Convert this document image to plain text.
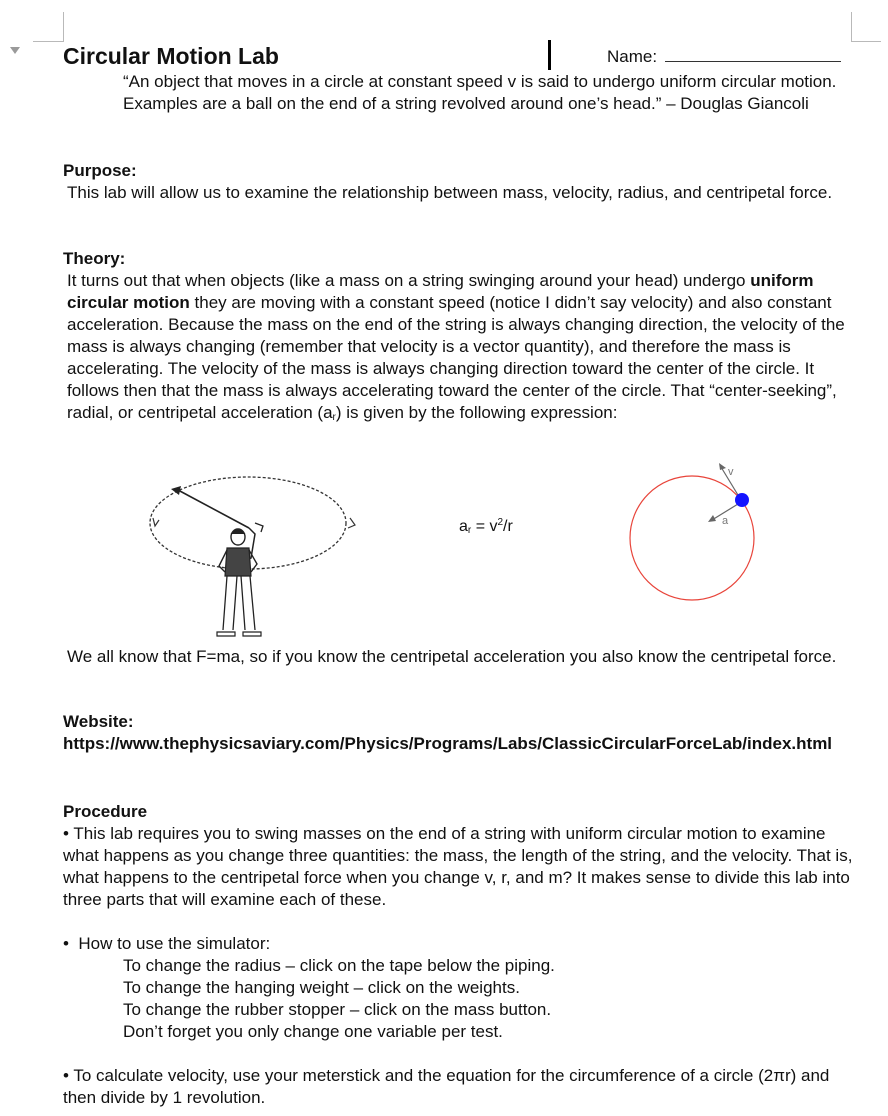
Circular Motion Lab	Name:
“An object that moves in a circle at constant speed v is said to undergo uniform circular motion. Examples are a ball on the end of a string revolved around one’s head.” – Douglas Giancoli

Purpose:

This lab will allow us to examine the relationship between mass, velocity, radius, and centripetal force.

Theory:

It turns out that when objects (like a mass on a string swinging around your head) undergo uniform circular motion they are moving with a constant speed (notice I didn’t say velocity) and also constant acceleration. Because the mass on the end of the string is always changing direction, the velocity of the mass is always changing (remember that velocity is a vector quantity), and therefore the mass is accelerating. The velocity of the mass is always changing direction toward the center of the circle. It follows then that the mass is always accelerating toward the center of the circle. That “center-seeking”, radial, or centripetal acceleration $(a_r)$ is given by the following expression:

$a_r = v^2/r$
v
a

We all know that F=ma, so if you know the centripetal acceleration you also know the centripetal force.

Website:

https://www.thephysicsaviary.com/Physics/Programs/Labs/ClassicCircularForceLab/index.html

Procedure

• This lab requires you to swing masses on the end of a string with uniform circular motion to examine what happens as you change three quantities: the mass, the length of the string, and the velocity. That is, what happens to the centripetal force when you change v, r, and m? It makes sense to divide this lab into three parts that will examine each of these.

• How to use the simulator:

To change the radius – click on the tape below the piping.

To change the hanging weight – click on the weights.

To change the rubber stopper – click on the mass button.

Don’t forget you only change one variable per test.

• To calculate velocity, use your meterstick and the equation for the circumference of a circle (2πr) and then divide by 1 revolution.
